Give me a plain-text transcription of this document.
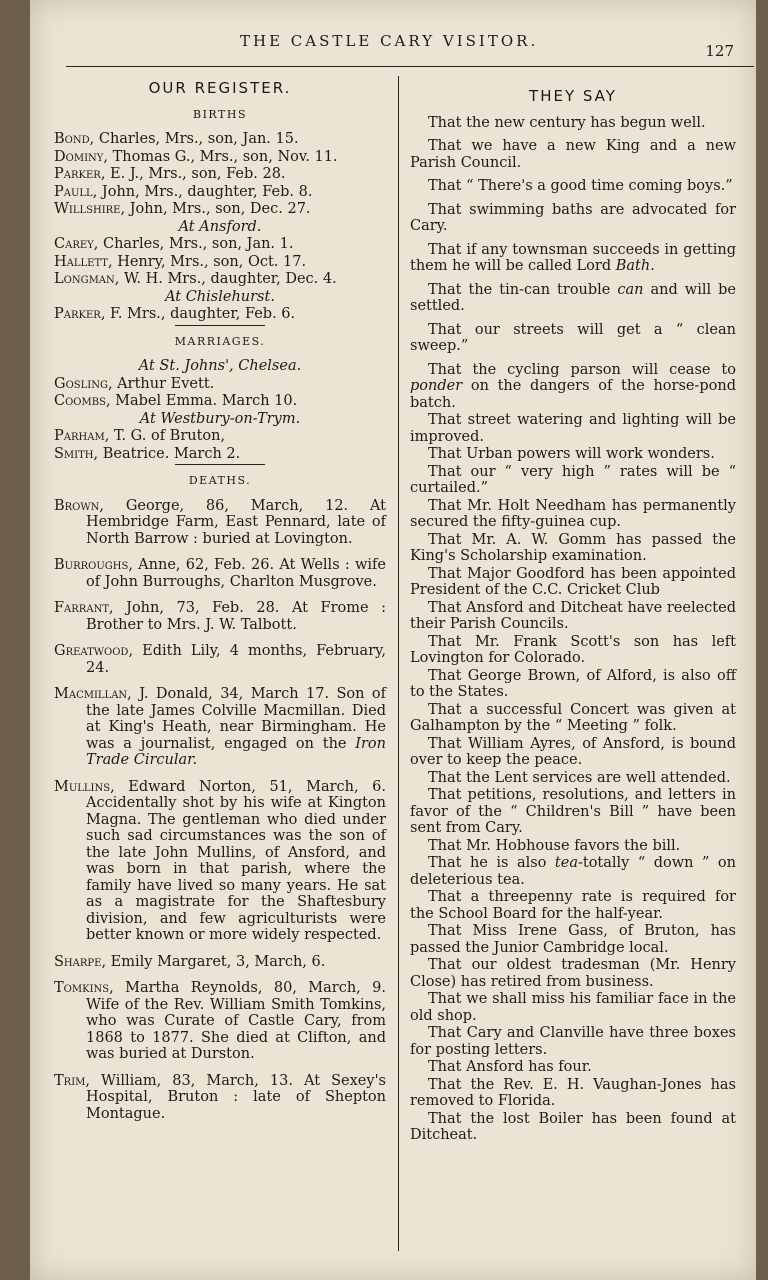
THE CASTLE CARY VISITOR.
127
OUR REGISTER.
BIRTHS
Bond, Charles, Mrs., son, Jan. 15.
Dominy, Thomas G., Mrs., son, Nov. 11.
Parker, E. J., Mrs., son, Feb. 28.
Paull, John, Mrs., daughter, Feb. 8.
Willshire, John, Mrs., son, Dec. 27.
At Ansford.
Carey, Charles, Mrs., son, Jan. 1.
Hallett, Henry, Mrs., son, Oct. 17.
Longman, W. H. Mrs., daughter, Dec. 4.
At Chislehurst.
Parker, F. Mrs., daughter, Feb. 6.
MARRIAGES.
At St. Johns', Chelsea.
Gosling, Arthur Evett.
Coombs, Mabel Emma. March 10.
At Westbury-on-Trym.
Parham, T. G. of Bruton,
Smith, Beatrice. March 2.
DEATHS.
Brown, George, 86, March, 12. At Hembridge Farm, East Pennard, late of North Barrow : buried at Lovington.
Burroughs, Anne, 62, Feb. 26. At Wells : wife of John Burroughs, Charlton Musgrove.
Farrant, John, 73, Feb. 28. At Frome : Brother to Mrs. J. W. Talbott.
Greatwood, Edith Lily, 4 months, February, 24.
Macmillan, J. Donald, 34, March 17. Son of the late James Colville Macmillan. Died at King's Heath, near Birmingham. He was a journalist, engaged on the Iron Trade Circular.
Mullins, Edward Norton, 51, March, 6. Accidentally shot by his wife at Kington Magna. The gentleman who died under such sad circumstances was the son of the late John Mullins, of Ansford, and was born in that parish, where the family have lived so many years. He sat as a magistrate for the Shaftesbury division, and few agriculturists were better known or more widely respected.
Sharpe, Emily Margaret, 3, March, 6.
Tomkins, Martha Reynolds, 80, March, 9. Wife of the Rev. William Smith Tomkins, who was Curate of Castle Cary, from 1868 to 1877. She died at Clifton, and was buried at Durston.
Trim, William, 83, March, 13. At Sexey's Hospital, Bruton : late of Shepton Montague.
THEY SAY
That the new century has begun well.
That we have a new King and a new Parish Council.
That “ There's a good time coming boys.”
That swimming baths are advocated for Cary.
That if any townsman succeeds in getting them he will be called Lord Bath.
That the tin-can trouble can and will be settled.
That our streets will get a “ clean sweep.”
That the cycling parson will cease to ponder on the dangers of the horse-pond batch.
That street watering and lighting will be improved.
That Urban powers will work wonders.
That our “ very high ” rates will be “ curtailed.”
That Mr. Holt Needham has permanently secured the fifty-guinea cup.
That Mr. A. W. Gomm has passed the King's Scholarship examination.
That Major Goodford has been appointed President of the C.C. Cricket Club
That Ansford and Ditcheat have reelected their Parish Councils.
That Mr. Frank Scott's son has left Lovington for Colorado.
That George Brown, of Alford, is also off to the States.
That a successful Concert was given at Galhampton by the “ Meeting ” folk.
That William Ayres, of Ansford, is bound over to keep the peace.
That the Lent services are well attended.
That petitions, resolutions, and letters in favor of the “ Children's Bill ” have been sent from Cary.
That Mr. Hobhouse favors the bill.
That he is also tea-totally “ down ” on deleterious tea.
That a threepenny rate is required for the School Board for the half-year.
That Miss Irene Gass, of Bruton, has passed the Junior Cambridge local.
That our oldest tradesman (Mr. Henry Close) has retired from business.
That we shall miss his familiar face in the old shop.
That Cary and Clanville have three boxes for posting letters.
That Ansford has four.
That the Rev. E. H. Vaughan-Jones has removed to Florida.
That the lost Boiler has been found at Ditcheat.
